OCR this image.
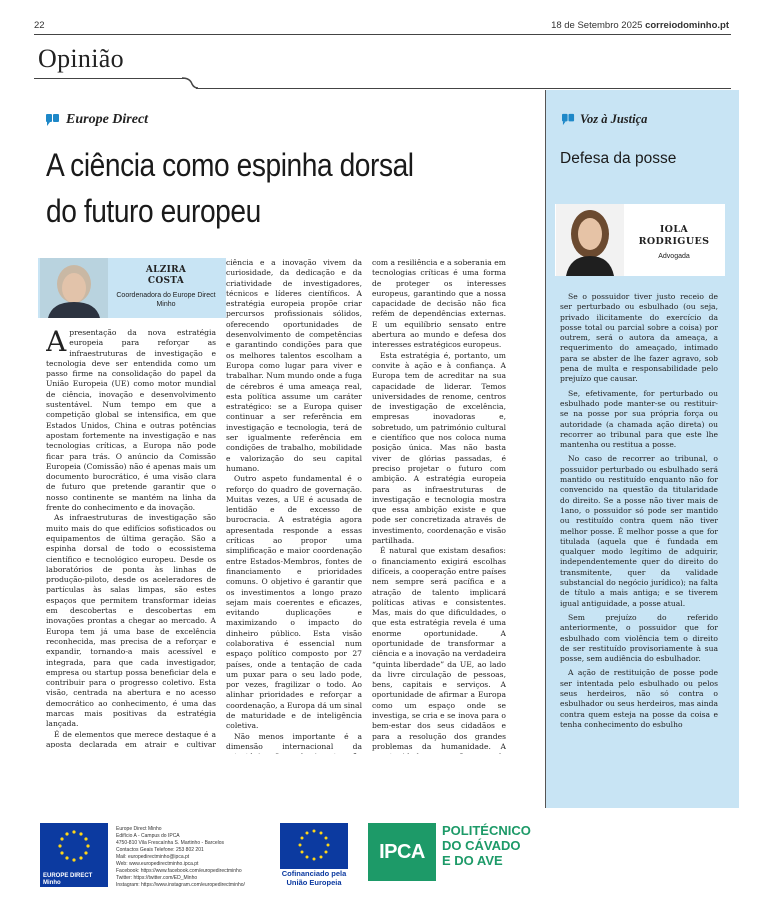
22	18 de Setembro 2025 correiodominho.pt
Opinião
Europe Direct
A ciência como espinha dorsal
do futuro europeu
ALZIRA
COSTA
Coordenadora do Europe Direct Minho

Apresentação da nova estratégia europeia para reforçar as infraestruturas de investigação e tecnologia deve ser entendida como um passo firme na consolidação do papel da União Europeia (UE) como motor mundial de ciência, inovação e desenvolvimento sustentável. Num tempo em que a competição global se intensifica, em que Estados Unidos, China e outras potências apostam fortemente na investigação e nas tecnologias críticas, a Europa não pode ficar para trás. O anúncio da Comissão Europeia (Comissão) não é apenas mais um documento burocrático, é uma visão clara de futuro que pretende garantir que o nosso continente se mantém na linha da frente do conhecimento e da inovação.

As infraestruturas de investigação são muito mais do que edifícios sofisticados ou equipamentos de última geração. São a espinha dorsal de todo o ecossistema científico e tecnológico europeu. Desde os laboratórios de ponta às linhas de produção-piloto, desde os aceleradores de partículas às salas limpas, são estes espaços que permitem transformar ideias em descobertas e descobertas em inovações prontas a chegar ao mercado. A Europa tem já uma base de excelência reconhecida, mas precisa de a reforçar e expandir, tornando-a mais acessível e integrada, para que cada investigador, empresa ou startup possa beneficiar dela e contribuir para o progresso coletivo. Esta visão, centrada na abertura e no acesso democrático ao conhecimento, é uma das marcas mais positivas da estratégia lançada.

É de elementos que merece destaque é a aposta declarada em atrair e cultivar

ciência e a inovação vivem da curiosidade, da dedicação e da criatividade de investigadores, técnicos e líderes científicos. A estratégia europeia propõe criar percursos profissionais sólidos, oferecendo oportunidades de desenvolvimento de competências e garantindo condições para que os melhores talentos escolham a Europa como lugar para viver e trabalhar. Num mundo onde a fuga de cérebros é uma ameaça real, esta política assume um caráter estratégico: se a Europa quiser continuar a ser referência em investigação e tecnologia, terá de ser igualmente referência em condições de trabalho, mobilidade e valorização do seu capital humano.

Outro aspeto fundamental é o reforço do quadro de governação. Muitas vezes, a UE é acusada de lentidão e de excesso de burocracia. A estratégia agora apresentada responde a essas críticas ao propor uma simplificação e maior coordenação entre Estados-Membros, fontes de financiamento e prioridades comuns. O objetivo é garantir que os investimentos a longo prazo sejam mais coerentes e eficazes, evitando duplicações e maximizando o impacto do dinheiro público. Esta visão colaborativa é essencial num espaço político composto por 27 países, onde a tentação de cada um puxar para o seu lado pode, por vezes, fragilizar o todo. Ao alinhar prioridades e reforçar a coordenação, a Europa dá um sinal de maturidade e de inteligência coletiva.

Não menos importante é a dimensão internacional da

com a resiliência e a soberania em tecnologias críticas é uma forma de proteger os interesses europeus, garantindo que a nossa capacidade de decisão não fica refém de dependências externas. E um equilíbrio sensato entre abertura ao mundo e defesa dos interesses estratégicos europeus.

Esta estratégia é, portanto, um convite à ação e à confiança. A Europa tem de acreditar na sua capacidade de liderar. Temos universidades de renome, centros de investigação de excelência, empresas inovadoras e, sobretudo, um património cultural e científico que nos coloca numa posição única. Mas não basta viver de glórias passadas, é preciso projetar o futuro com ambição. A estratégia europeia para as infraestruturas de investigação e tecnologia mostra que essa ambição existe e que pode ser concretizada através de investimento, coordenação e visão partilhada.

É natural que existam desafios: o financiamento exigirá escolhas difíceis, a cooperação entre países nem sempre será pacífica e a atração de talento implicará políticas ativas e consistentes. Mas, mais do que dificuldades, o que esta estratégia revela é uma enorme oportunidade. A oportunidade de transformar a ciência e a inovação na verdadeira “quinta liberdade” da UE, ao lado da livre circulação de pessoas, bens, capitais e serviços. A oportunidade de afirmar a Europa como um espaço onde se investiga, se cria e se inova para o bem-estar dos seus cidadãos e para a resolução dos grandes problemas da humanidade. A

Voz à Justiça
Defesa da posse
IOLA
RODRIGUES
Advogada

Se o possuidor tiver justo receio de ser perturbado ou esbulhado (ou seja, privado ilicitamente do exercício da posse total ou parcial sobre a coisa) por outrem, será o autora da ameaça, a requerimento do ameaçado, intimado para se abster de lhe fazer agravo, sob pena de multa e responsabilidade pelo prejuízo que causar.

Se, efetivamente, for perturbado ou esbulhado pode manter-se ou restituir-se na posse por sua própria força ou autoridade (a chamada ação direta) ou recorrer ao tribunal para que este lhe mantenha ou restitua a posse.

No caso de recorrer ao tribunal, o possuidor perturbado ou esbulhado será mantido ou restituído enquanto não for convencido na questão da titularidade do direito. Se a posse não tiver mais de 1ano, o possuidor só pode ser mantido ou restituído contra quem não tiver melhor posse. É melhor posse a que for titulada (aquela que é fundada em qualquer modo legítimo de adquirir, independentemente quer do direito do transmitente, quer da validade substancial do negócio jurídico); na falta de título a mais antiga; e se tiverem igual antiguidade, a posse atual.

Sem prejuízo do referido anteriormente, o possuidor que for esbulhado com violência tem o direito de ser restituído provisoriamente à sua posse, sem audiência do esbulhador.

A ação de restituição de posse pode ser intentada pelo esbulhado ou pelos seus herdeiros, não só contra o esbulhador ou seus herdeiros, mas ainda contra quem esteja na posse da coisa e tenha conhecimento do esbulho

EUROPE DIRECT
Minho
Europe Direct Minho
Edifício A - Campus do IPCA
4750-810 Vila Frescaínha S. Martinho - Barcelos
Contactos Geais Telefone: 253 802 201
Mail: europedirectminho@ipca.pt
Web: www.europedirectminho.ipca.pt
Facebook: https://www.facebook.com/europedirectminho
Twitter: https://twitter.com/ED_Minho
Instagram: https://www.instagram.com/europedirectminho/
Cofinanciado pela
União Europeia
IPCA
POLITÉCNICO
DO CÁVADO
E DO AVE
